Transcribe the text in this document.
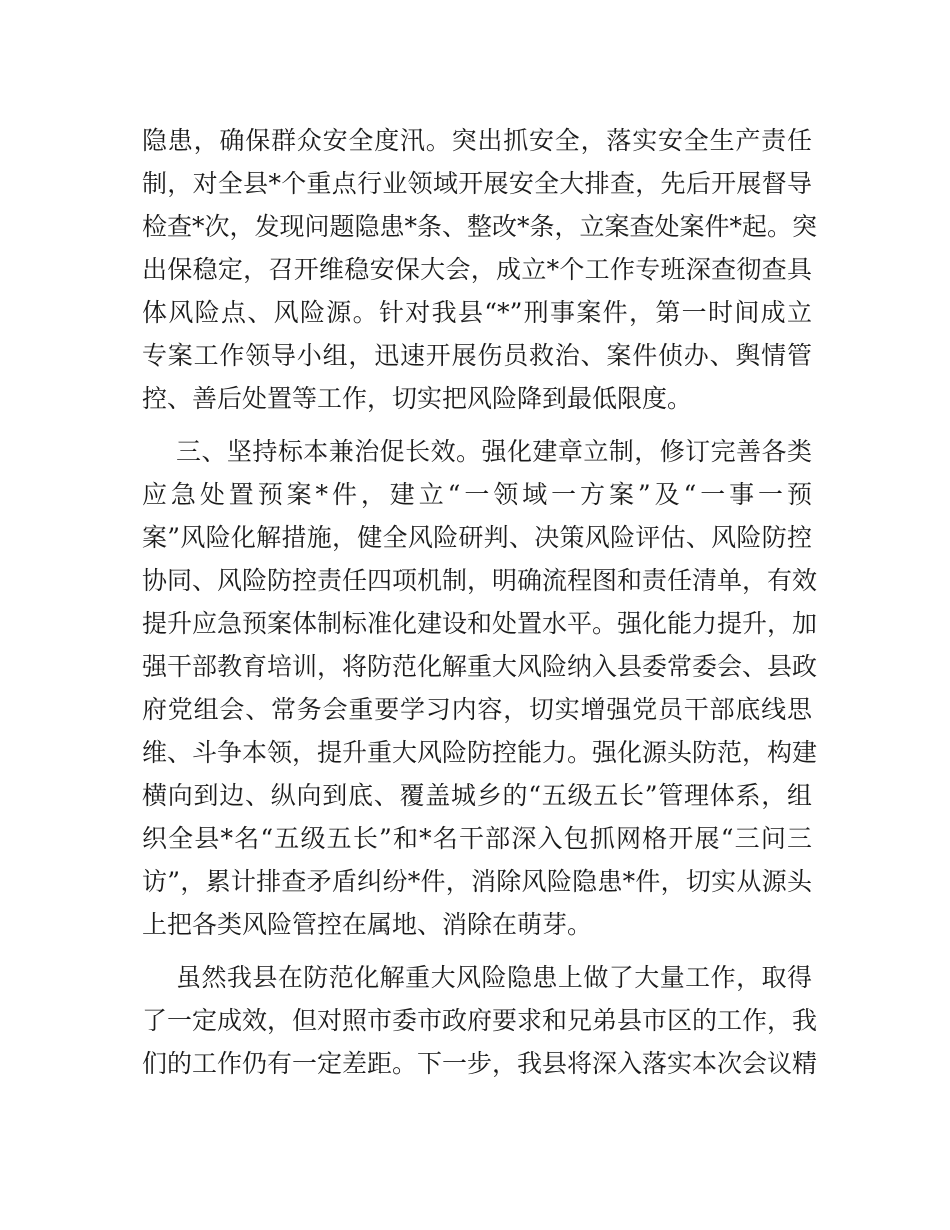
隐患，确保群众安全度汛。突出抓安全，落实安全生产责任
制，对全县*个重点行业领域开展安全大排查，先后开展督导
检查*次，发现问题隐患*条、整改*条，立案查处案件*起。突
出保稳定，召开维稳安保大会，成立*个工作专班深查彻查具
体风险点、风险源。针对我县“*”刑事案件，第一时间成立
专案工作领导小组，迅速开展伤员救治、案件侦办、舆情管
控、善后处置等工作，切实把风险降到最低限度。
三、坚持标本兼治促长效。强化建章立制，修订完善各类
应急处置预案*件，建立“一领域一方案”及“一事一预
案”风险化解措施，健全风险研判、决策风险评估、风险防控
协同、风险防控责任四项机制，明确流程图和责任清单，有效
提升应急预案体制标准化建设和处置水平。强化能力提升，加
强干部教育培训，将防范化解重大风险纳入县委常委会、县政
府党组会、常务会重要学习内容，切实增强党员干部底线思
维、斗争本领，提升重大风险防控能力。强化源头防范，构建
横向到边、纵向到底、覆盖城乡的“五级五长”管理体系，组
织全县*名“五级五长”和*名干部深入包抓网格开展“三问三
访”，累计排查矛盾纠纷*件，消除风险隐患*件，切实从源头
上把各类风险管控在属地、消除在萌芽。
虽然我县在防范化解重大风险隐患上做了大量工作，取得
了一定成效，但对照市委市政府要求和兄弟县市区的工作，我
们的工作仍有一定差距。下一步，我县将深入落实本次会议精
